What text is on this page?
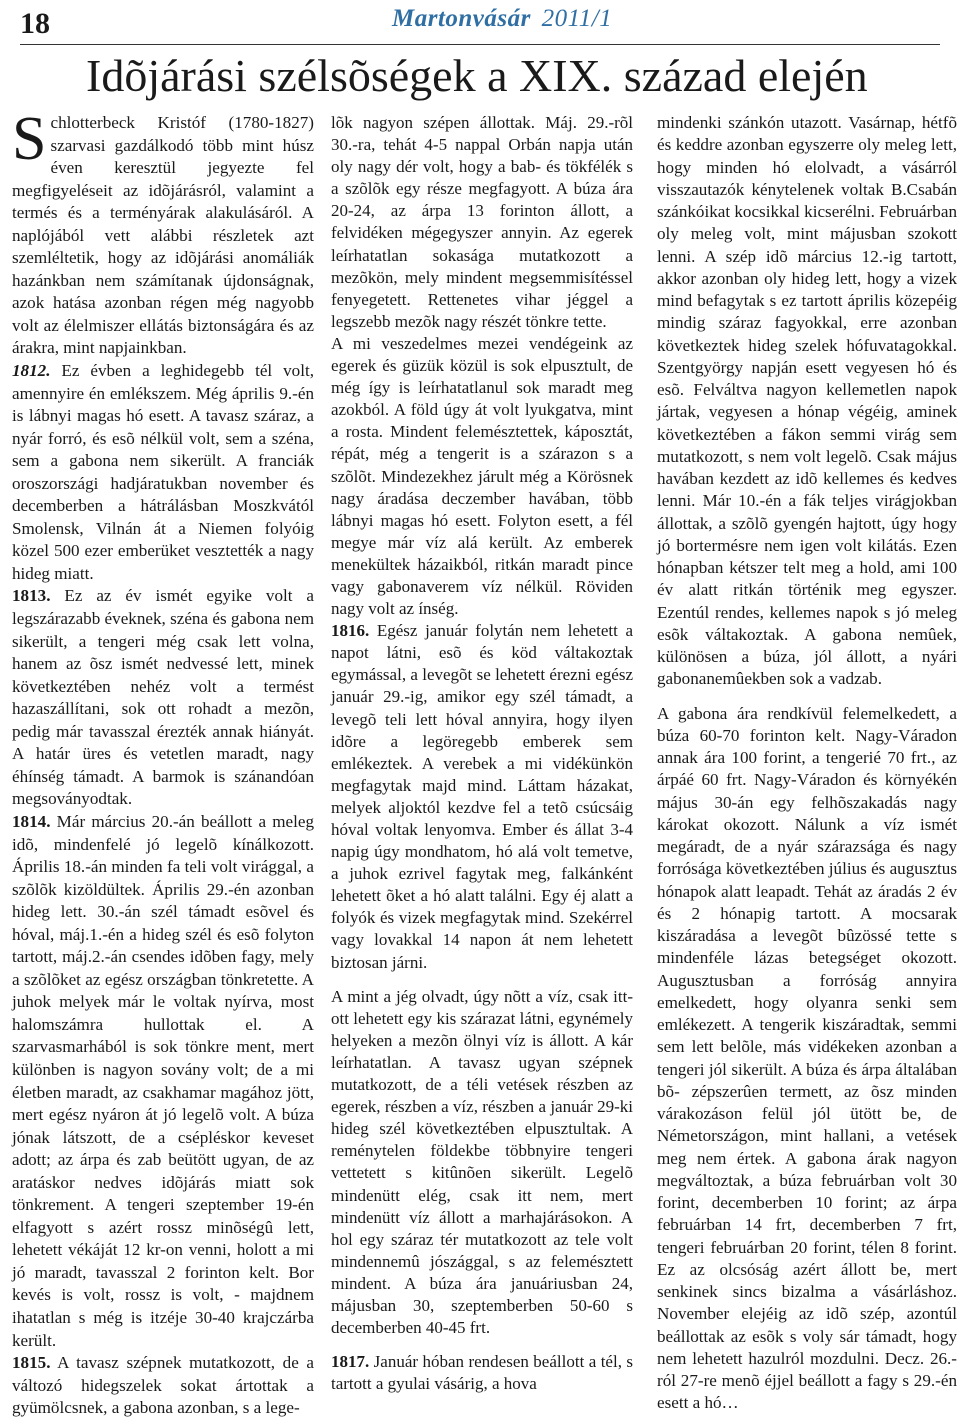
18	Martonvásár 2011/1
Idõjárási szélsõségek a XIX. század elején

Schlotterbeck Kristóf (1780-1827) szarvasi gazdálkodó több mint húsz éven keresztül jegyezte fel megfigyeléseit az idõjárásról, valamint a termés és a terményárak alakulásáról. A naplójából vett alábbi részletek azt szemléltetik, hogy az idõjárási anomáliák hazánkban nem számítanak újdonságnak, azok hatása azonban régen még nagyobb volt az élelmiszer ellátás biztonságára és az árakra, mint napjainkban.

1812. Ez évben a leghidegebb tél volt, amennyire én emlékszem. Még április 9.-én is lábnyi magas hó esett. A tavasz száraz, a nyár forró, és esõ nélkül volt, sem a széna, sem a gabona nem sikerült. A franciák oroszországi hadjáratukban november és decemberben a hátrálásban Moszkvától Smolensk, Vilnán át a Niemen folyóig közel 500 ezer emberüket vesztették a nagy hideg miatt.

1813. Ez az év ismét egyike volt a legszárazabb éveknek, széna és gabona nem sikerült, a tengeri még csak lett volna, hanem az õsz ismét nedvessé lett, minek következtében nehéz volt a termést hazaszállítani, sok ott rohadt a mezõn, pedig már tavasszal érezték annak hiányát. A határ üres és vetetlen maradt, nagy éhínség támadt. A barmok is szánandóan megsoványodtak.

1814. Már március 20.-án beállott a meleg idõ, mindenfelé jó legelõ kínálkozott. Április 18.-án minden fa teli volt virággal, a szõlõk kizöldültek. Április 29.-én azonban hideg lett. 30.-án szél támadt esõvel és hóval, máj.1.-én a hideg szél és esõ folyton tartott, máj.2.-án csendes idõben fagy, mely a szõlõket az egész országban tönkretette. A juhok melyek már le voltak nyírva, most halomszámra hullottak el. A szarvasmarhából is sok tönkre ment, mert különben is nagyon sovány volt; de a mi életben maradt, az csakhamar magához jött, mert egész nyáron át jó legelõ volt. A búza jónak látszott, de a csépléskor keveset adott; az árpa és zab beütött ugyan, de az aratáskor nedves idõjárás miatt sok tönkrement. A tengeri szeptember 19-én elfagyott s azért rossz minõségû lett, lehetett vékáját 12 kr-on venni, holott a mi jó maradt, tavasszal 2 forinton kelt. Bor kevés is volt, rossz is volt, - majdnem ihatatlan s még is itzéje 30-40 krajczárba került.

1815. A tavasz szépnek mutatkozott, de a változó hidegszelek sokat ártottak a gyümölcsnek, a gabona azonban, s a lege-

lõk nagyon szépen állottak. Máj. 29.-rõl 30.-ra, tehát 4-5 nappal Orbán napja után oly nagy dér volt, hogy a bab- és tökfélék s a szõlõk egy része megfagyott. A búza ára 20-24, az árpa 13 forinton állott, a felvidéken mégegyszer annyin. Az egerek leírhatatlan sokasága mutatkozott a mezõkön, mely mindent megsemmisítéssel fenyegetett. Rettenetes vihar jéggel a legszebb mezõk nagy részét tönkre tette.

A mi veszedelmes mezei vendégeink az egerek és güzük közül is sok elpusztult, de még így is leírhatatlanul sok maradt meg azokból. A föld úgy át volt lyukgatva, mint a rosta. Mindent felemésztettek, káposztát, répát, még a tengerit is a szárazon s a szõlõt. Mindezekhez járult még a Körösnek nagy áradása deczember havában, több lábnyi magas hó esett. Folyton esett, a fél megye már víz alá került. Az emberek menekültek házaikból, ritkán maradt pince vagy gabonaverem víz nélkül. Röviden nagy volt az ínség.

1816. Egész január folytán nem lehetett a napot látni, esõ és köd váltakoztak egymással, a levegõt se lehetett érezni egész január 29.-ig, amikor egy szél támadt, a levegõ teli lett hóval annyira, hogy ilyen idõre a legöregebb emberek sem emlékeztek. A verebek a mi vidékünkön megfagytak majd mind. Láttam házakat, melyek aljoktól kezdve fel a tetõ csúcsáig hóval voltak lenyomva. Ember és állat 3-4 napig úgy mondhatom, hó alá volt temetve, a juhok ezrivel fagytak meg, falkánként lehetett õket a hó alatt találni. Egy éj alatt a folyók és vizek megfagytak mind. Szekérrel vagy lovakkal 14 napon át nem lehetett biztosan járni.

A mint a jég olvadt, úgy nõtt a víz, csak itt-ott lehetett egy kis szárazat látni, egynémely helyeken a mezõn ölnyi víz is állott. A kár leírhatatlan. A tavasz ugyan szépnek mutatkozott, de a téli vetések részben az egerek, részben a víz, részben a január 29-ki hideg szél következtében elpusztultak. A reménytelen földekbe többnyire tengeri vettetett s kitûnõen sikerült. Legelõ mindenütt elég, csak itt nem, mert mindenütt víz állott a marhajárásokon. A hol egy száraz tér mutatkozott az tele volt mindennemû jószággal, s az felemésztett mindent. A búza ára januáriusban 24, májusban 30, szeptemberben 50-60 s decemberben 40-45 frt.

1817. Január hóban rendesen beállott a tél, s tartott a gyulai vásárig, a hova

mindenki szánkón utazott. Vasárnap, hétfõ és keddre azonban egyszerre oly meleg lett, hogy minden hó elolvadt, a vásárról visszautazók kénytelenek voltak B.Csabán szánkóikat kocsikkal kicserélni. Februárban oly meleg volt, mint májusban szokott lenni. A szép idõ március 12.-ig tartott, akkor azonban oly hideg lett, hogy a vizek mind befagytak s ez tartott április közepéig mindig száraz fagyokkal, erre azonban következtek hideg szelek hófuvatagokkal. Szentgyörgy napján esett vegyesen hó és esõ. Felváltva nagyon kellemetlen napok jártak, vegyesen a hónap végéig, aminek következtében a fákon semmi virág sem mutatkozott, s nem volt legelõ. Csak május havában kezdett az idõ kellemes és kedves lenni. Már 10.-én a fák teljes virágjokban állottak, a szõlõ gyengén hajtott, úgy hogy jó bortermésre nem igen volt kilátás. Ezen hónapban kétszer telt meg a hold, ami 100 év alatt ritkán történik meg egyszer. Ezentúl rendes, kellemes napok s jó meleg esõk váltakoztak. A gabona nemûek, különösen a búza, jól állott, a nyári gabonanemûekben sok a vadzab.

A gabona ára rendkívül felemelkedett, a búza 60-70 forinton kelt. Nagy-Váradon annak ára 100 forint, a tengerié 70 frt., az árpáé 60 frt. Nagy-Váradon és környékén május 30-án egy felhõszakadás nagy károkat okozott. Nálunk a víz ismét megáradt, de a nyár szárazsága és nagy forrósága következtében július és augusztus hónapok alatt leapadt. Tehát az áradás 2 év és 2 hónapig tartott. A mocsarak kiszáradása a levegõt bûzössé tette s mindenféle lázas betegséget okozott. Augusztusban a forróság annyira emelkedett, hogy olyanra senki sem emlékezett. A tengerik kiszáradtak, semmi sem lett belõle, más vidékeken azonban a tengeri jól sikerült. A búza és árpa általában bõ- zépszerûen termett, az õsz minden várakozáson felül jól ütött be, de Németországon, mint hallani, a vetések meg nem értek. A gabona árak nagyon megváltoztak, a búza februárban volt 30 forint, decemberben 10 forint; az árpa februárban 14 frt, decemberben 7 frt, tengeri februárban 20 forint, télen 8 forint. Ez az olcsóság azért állott be, mert senkinek sincs bizalma a vásárláshoz. November elejéig az idõ szép, azontúl beállottak az esõk s voly sár támadt, hogy nem lehetett hazulról mozdulni. Decz. 26.-ról 27-re menõ éjjel beállott a fagy s 29.-én esett a hó…
